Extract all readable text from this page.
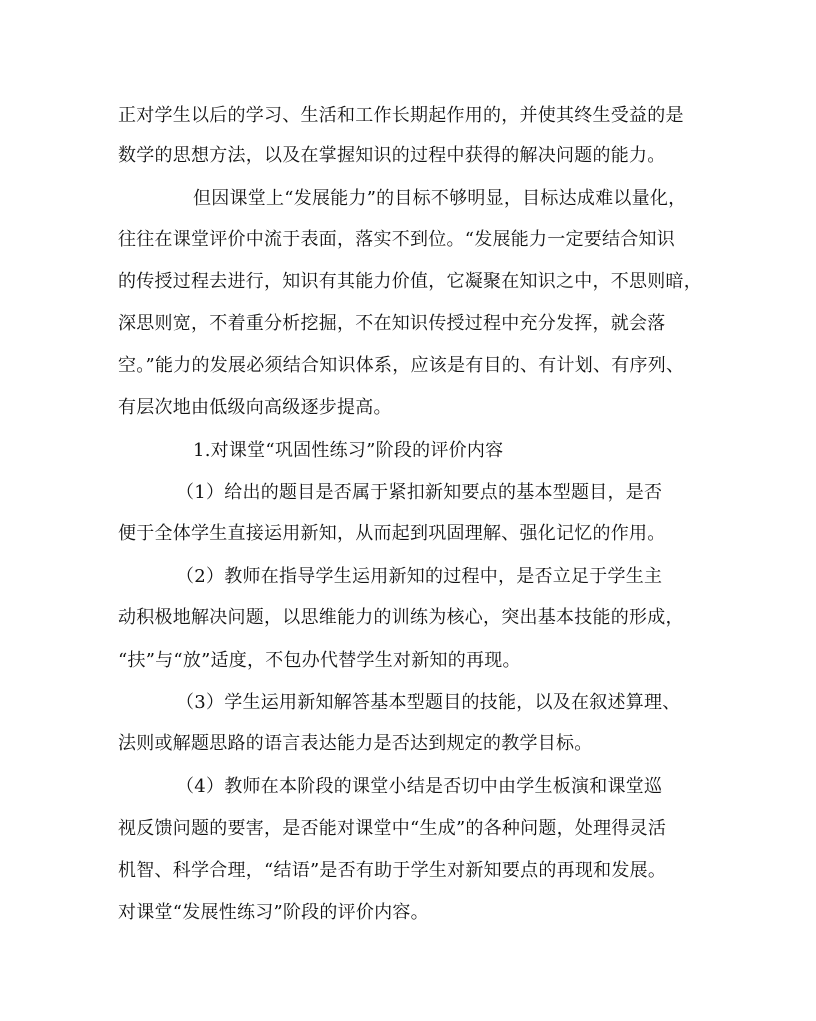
正对学生以后的学习、生活和工作长期起作用的，并使其终生受益的是
数学的思想方法，以及在掌握知识的过程中获得的解决问题的能力。
但因课堂上“发展能力”的目标不够明显，目标达成难以量化，
往往在课堂评价中流于表面，落实不到位。“发展能力一定要结合知识
的传授过程去进行，知识有其能力价值，它凝聚在知识之中，不思则暗，
深思则宽，不着重分析挖掘，不在知识传授过程中充分发挥，就会落
空。”能力的发展必须结合知识体系，应该是有目的、有计划、有序列、
有层次地由低级向高级逐步提高。
1.对课堂“巩固性练习”阶段的评价内容
（1）给出的题目是否属于紧扣新知要点的基本型题目，是否
便于全体学生直接运用新知，从而起到巩固理解、强化记忆的作用。
（2）教师在指导学生运用新知的过程中，是否立足于学生主
动积极地解决问题，以思维能力的训练为核心，突出基本技能的形成，
“扶”与“放”适度，不包办代替学生对新知的再现。
（3）学生运用新知解答基本型题目的技能，以及在叙述算理、
法则或解题思路的语言表达能力是否达到规定的教学目标。
（4）教师在本阶段的课堂小结是否切中由学生板演和课堂巡
视反馈问题的要害，是否能对课堂中“生成”的各种问题，处理得灵活
机智、科学合理，“结语”是否有助于学生对新知要点的再现和发展。
对课堂“发展性练习”阶段的评价内容。
